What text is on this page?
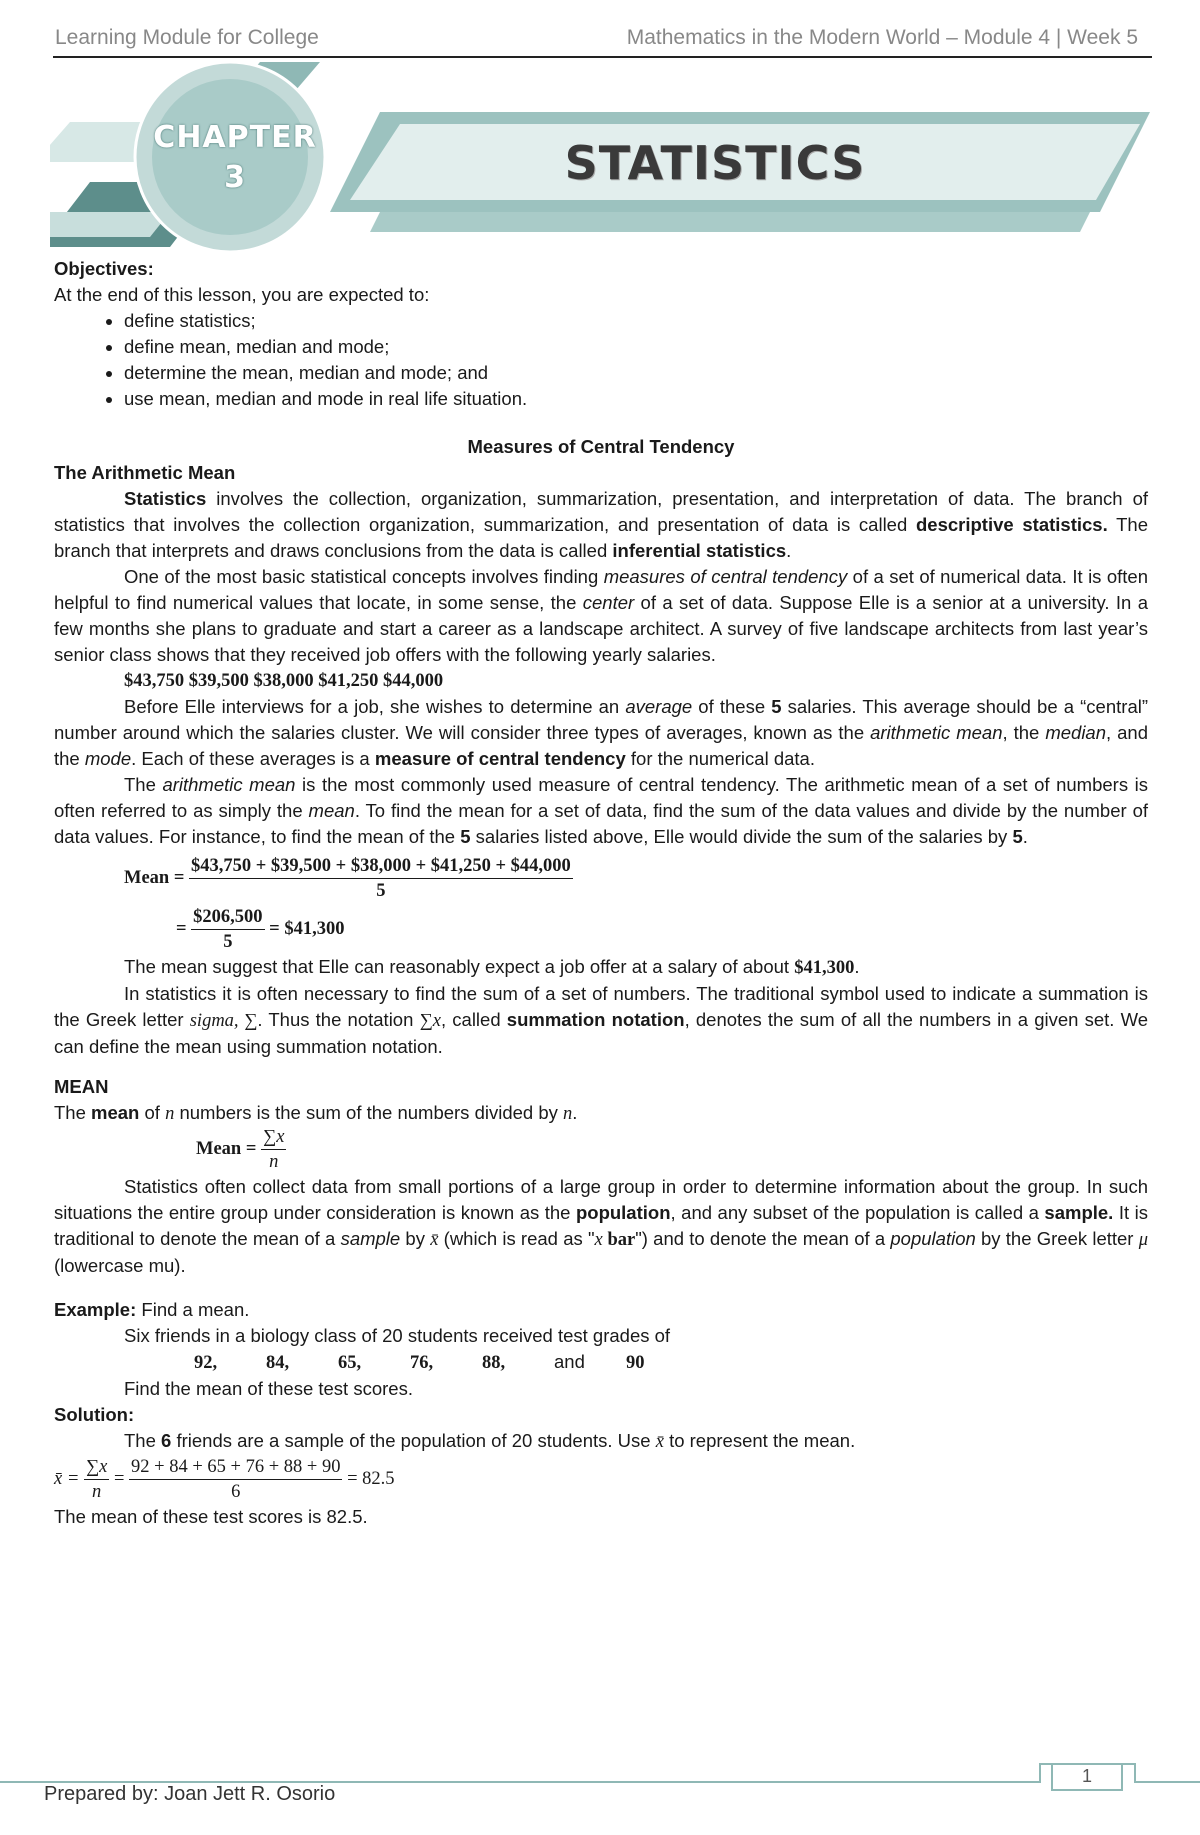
Learning Module for College	Mathematics in the Modern World – Module 4 | Week 5
CHAPTER
3	STATISTICS

Objectives:

At the end of this lesson, you are expected to:

• define statistics;
• define mean, median and mode;
• determine the mean, median and mode; and
• use mean, median and mode in real life situation.

Measures of Central Tendency

The Arithmetic Mean

Statistics involves the collection, organization, summarization, presentation, and interpretation of data. The branch of statistics that involves the collection organization, summarization, and presentation of data is called descriptive statistics. The branch that interprets and draws conclusions from the data is called inferential statistics.

One of the most basic statistical concepts involves finding measures of central tendency of a set of numerical data. It is often helpful to find numerical values that locate, in some sense, the center of a set of data. Suppose Elle is a senior at a university. In a few months she plans to graduate and start a career as a landscape architect. A survey of five landscape architects from last year’s senior class shows that they received job offers with the following yearly salaries.

$43,750 $39,500 $38,000 $41,250 $44,000

Before Elle interviews for a job, she wishes to determine an average of these 5 salaries. This average should be a “central” number around which the salaries cluster. We will consider three types of averages, known as the arithmetic mean, the median, and the mode. Each of these averages is a measure of central tendency for the numerical data.

The arithmetic mean is the most commonly used measure of central tendency. The arithmetic mean of a set of numbers is often referred to as simply the mean. To find the mean for a set of data, find the sum of the data values and divide by the number of data values. For instance, to find the mean of the 5 salaries listed above, Elle would divide the sum of the salaries by 5.

Mean = $\frac{\$43,750 + \$39,500 + \$38,000 + \$41,250 + \$44,000}{5}$
= $\frac{\$206,500}{5}$ = $41,300

The mean suggest that Elle can reasonably expect a job offer at a salary of about $41,300.

In statistics it is often necessary to find the sum of a set of numbers. The traditional symbol used to indicate a summation is the Greek letter sigma, ∑. Thus the notation ∑x, called summation notation, denotes the sum of all the numbers in a given set. We can define the mean using summation notation.

MEAN

The mean of n numbers is the sum of the numbers divided by n.

Mean = $\frac{\sum x}{n}$

Statistics often collect data from small portions of a large group in order to determine information about the group. In such situations the entire group under consideration is known as the population, and any subset of the population is called a sample. It is traditional to denote the mean of a sample by x̄ (which is read as "x bar") and to denote the mean of a population by the Greek letter μ (lowercase mu).

Example: Find a mean.

Six friends in a biology class of 20 students received test grades of

92,	84,	65,	76,	88,	and 90

Find the mean of these test scores.

Solution:

The 6 friends are a sample of the population of 20 students. Use x̄ to represent the mean.

x̄ = $\frac{\sum x}{n} = \frac{92 + 84 + 65 + 76 + 88 + 90}{6} = 82.5$

The mean of these test scores is 82.5.

1
Prepared by: Joan Jett R. Osorio
